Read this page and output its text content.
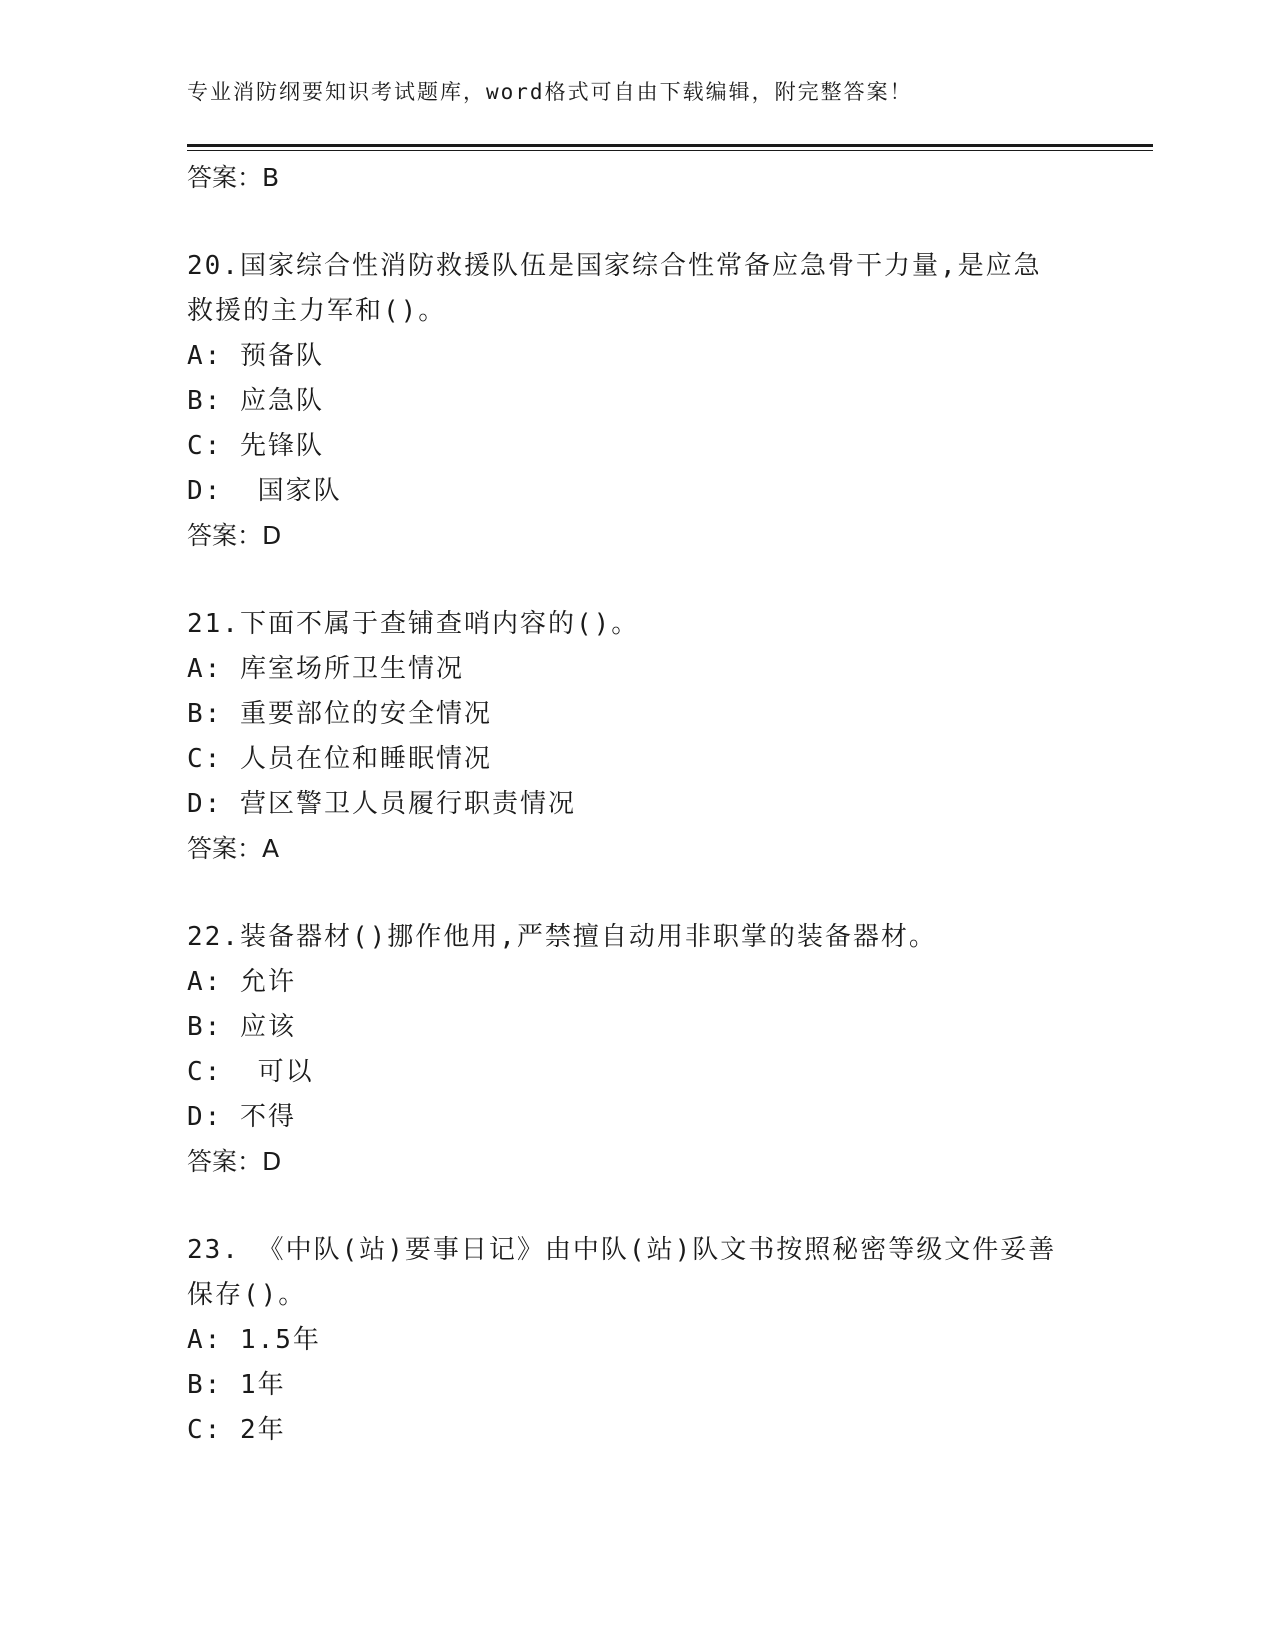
专业消防纲要知识考试题库，word格式可自由下载编辑，附完整答案！
答案：B
20.国家综合性消防救援队伍是国家综合性常备应急骨干力量,是应急
救援的主力军和()。
A: 预备队
B: 应急队
C: 先锋队
D:  国家队
答案：D
21.下面不属于查铺查哨内容的()。
A: 库室场所卫生情况
B: 重要部位的安全情况
C: 人员在位和睡眠情况
D: 营区警卫人员履行职责情况
答案：A
22.装备器材()挪作他用,严禁擅自动用非职掌的装备器材。
A: 允许
B: 应该
C:  可以
D: 不得
答案：D
23. 《中队(站)要事日记》由中队(站)队文书按照秘密等级文件妥善
保存()。
A: 1.5年
B: 1年
C: 2年
